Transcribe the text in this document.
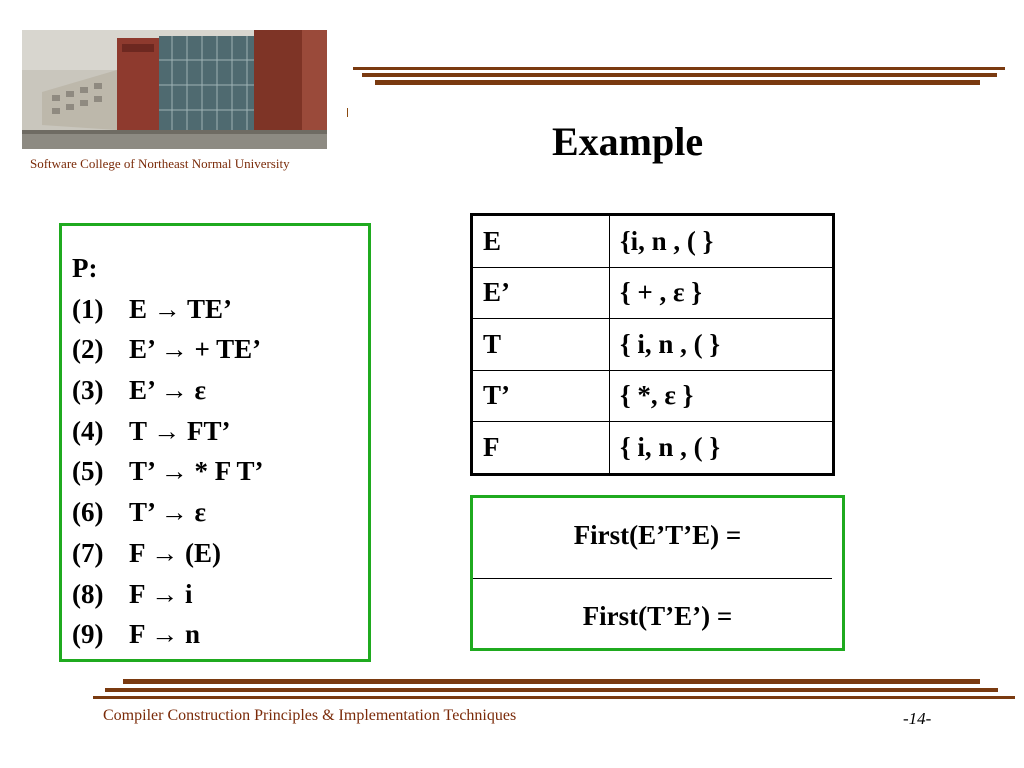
Software College of Northeast Normal University	Example
P:
(1) E → TE’
(2) E’ → + TE’
(3) E’ → ε
(4) T → FT’
(5) T’ → * F T’
(6) T’ → ε
(7) F → (E)
(8) F → i
(9) F → n
E	{i, n , ( }
E’	{ + , ε }
T	{ i, n , ( }
T’	{ *, ε }
F	{ i, n , ( }
First(E’T’E) =
First(T’E’) =
Compiler Construction Principles & Implementation Techniques	-14-
